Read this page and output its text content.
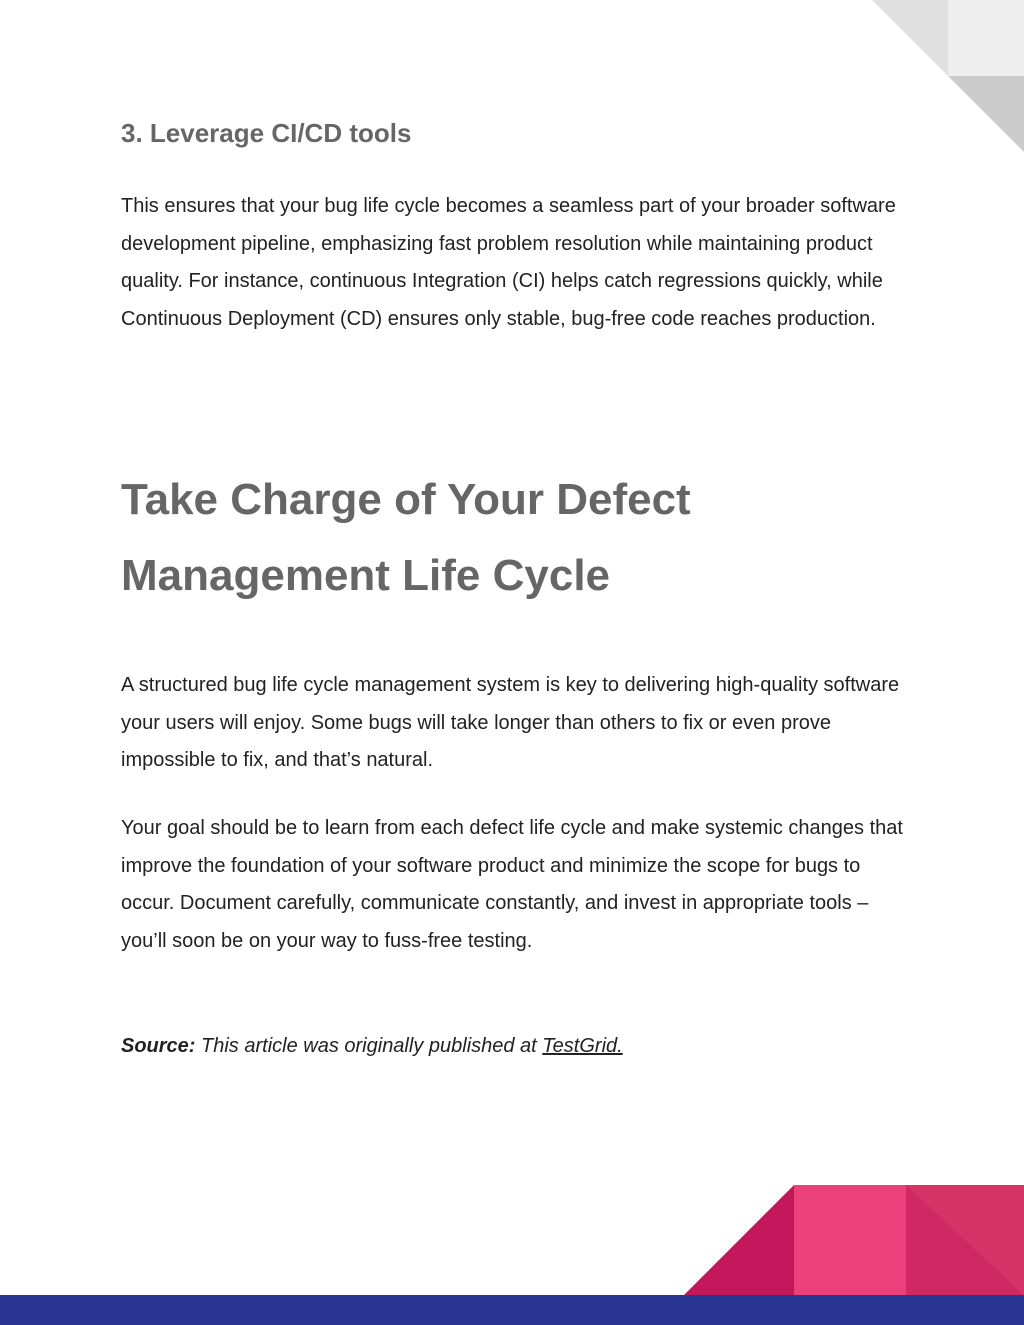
3. Leverage CI/CD tools

This ensures that your bug life cycle becomes a seamless part of your broader software development pipeline, emphasizing fast problem resolution while maintaining product quality. For instance, continuous Integration (CI) helps catch regressions quickly, while Continuous Deployment (CD) ensures only stable, bug-free code reaches production.

Take Charge of Your Defect
Management Life Cycle

A structured bug life cycle management system is key to delivering high-quality software your users will enjoy. Some bugs will take longer than others to fix or even prove impossible to fix, and that’s natural.

Your goal should be to learn from each defect life cycle and make systemic changes that improve the foundation of your software product and minimize the scope for bugs to occur. Document carefully, communicate constantly, and invest in appropriate tools – you’ll soon be on your way to fuss-free testing.

Source: This article was originally published at TestGrid.
